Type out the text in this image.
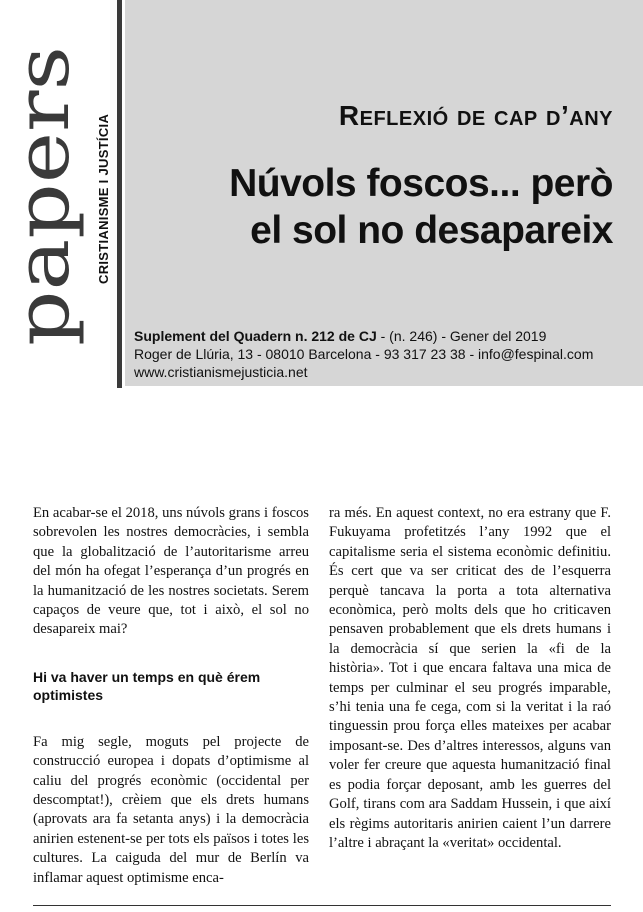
papers CRISTIANISME I JUSTÍCIA	Reflexió de cap d’any
Núvols foscos... però
el sol no desapareix
Suplement del Quadern n. 212 de CJ - (n. 246) - Gener del 2019
Roger de Llúria, 13 - 08010 Barcelona - 93 317 23 38 - info@fespinal.com
www.cristianismejusticia.net

En acabar-se el 2018, uns núvols grans i foscos sobrevolen les nostres democràcies, i sembla que la globalització de l’autoritarisme arreu del món ha ofegat l’esperança d’un progrés en la humanització de les nostres societats. Serem capaços de veure que, tot i això, el sol no desapareix mai?

Hi va haver un temps en què érem optimistes

Fa mig segle, moguts pel projecte de construcció europea i dopats d’optimisme al caliu del progrés econòmic (occidental per descomptat!), crèiem que els drets humans (aprovats ara fa setanta anys) i la democràcia anirien estenent-se per tots els països i totes les cultures. La caiguda del mur de Berlín va inflamar aquest optimisme enca-

ra més. En aquest context, no era estrany que F. Fukuyama profetitzés l’any 1992 que el capitalisme seria el sistema econòmic definitiu. És cert que va ser criticat des de l’esquerra perquè tancava la porta a tota alternativa econòmica, però molts dels que ho criticaven pensaven probablement que els drets humans i la democràcia sí que serien la «fi de la història». Tot i que encara faltava una mica de temps per culminar el seu progrés imparable, s’hi tenia una fe cega, com si la veritat i la raó tinguessin prou força elles mateixes per acabar imposant-se. Des d’altres interessos, alguns van voler fer creure que aquesta humanització final es podia forçar deposant, amb les guerres del Golf, tirans com ara Saddam Hussein, i que així els règims autoritaris anirien caient l’un darrere l’altre i abraçant la «veritat» occidental.
